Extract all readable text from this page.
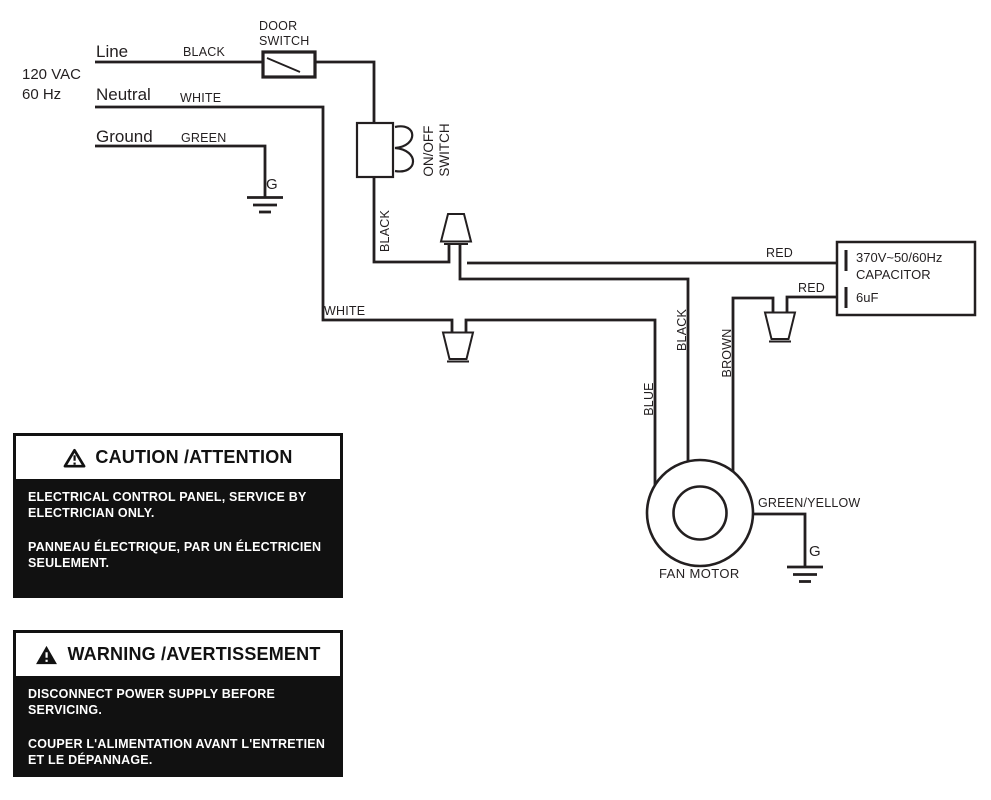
120 VAC
60 Hz
Line
Neutral
Ground
BLACK
WHITE
GREEN
DOOR
SWITCH
ON/OFF SWITCH
BLACK
WHITE
BLUE
BLACK BROWN
RED
RED
370V~50/60Hz
CAPACITOR
6uF
GREEN/YELLOW
G
G
FAN MOTOR
CAUTION /ATTENTION
ELECTRICAL CONTROL PANEL, SERVICE BY
ELECTRICIAN ONLY.
PANNEAU ÉLECTRIQUE, PAR UN ÉLECTRICIEN
SEULEMENT.
WARNING /AVERTISSEMENT
DISCONNECT POWER SUPPLY BEFORE
SERVICING.
COUPER L'ALIMENTATION AVANT L'ENTRETIEN
ET LE DÉPANNAGE.
